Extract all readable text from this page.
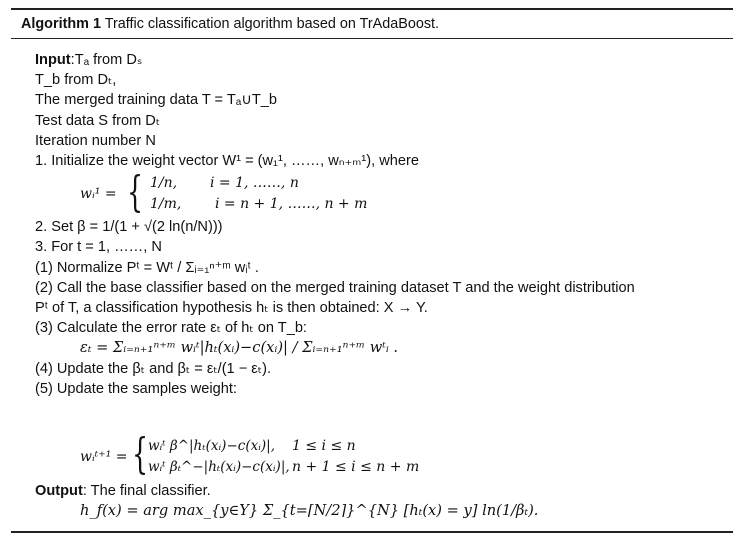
Algorithm 1 Traffic classification algorithm based on TrAdaBoost.
Input:Tₐ from Dₛ
T_b from Dₜ,
The merged training data T = Tₐ∪T_b
Test data S from Dₜ
Iteration number N
1. Initialize the weight vector W¹ = (w₁¹, ……, wₙ₊ₘ¹), where
wᵢ¹ = { 1/n, i = 1, ……, n
1/m, i = n + 1, ……, n + m
2. Set β = 1/(1 + √(2 ln(n/N)))
3. For t = 1, ……, N
(1) Normalize Pᵗ = Wᵗ / Σᵢ₌₁ⁿ⁺ᵐ wᵢᵗ .
(2) Call the base classifier based on the merged training dataset T and the weight distribution
Pᵗ of T, a classification hypothesis hₜ is then obtained: X → Y.
(3) Calculate the error rate εₜ of hₜ on T_b:
εₜ = Σᵢ₌ₙ₊₁ⁿ⁺ᵐ wᵢᵗ|hₜ(xᵢ)−c(xᵢ)| / Σᵢ₌ₙ₊₁ⁿ⁺ᵐ wᵗᵢ .
(4) Update the βₜ and βₜ = εₜ/(1 − εₜ).
(5) Update the samples weight:
wᵢᵗ⁺¹ = { wᵢᵗ β^|hₜ(xᵢ)−c(xᵢ)|, 1 ≤ i ≤ n
wᵢᵗ βₜ^−|hₜ(xᵢ)−c(xᵢ)|, n + 1 ≤ i ≤ n + m
Output: The final classifier.
h_f(x) = arg max_{y∈Y} Σ_{t=⌈N/2⌉}^{N} [hₜ(x) = y] ln(1/βₜ).
